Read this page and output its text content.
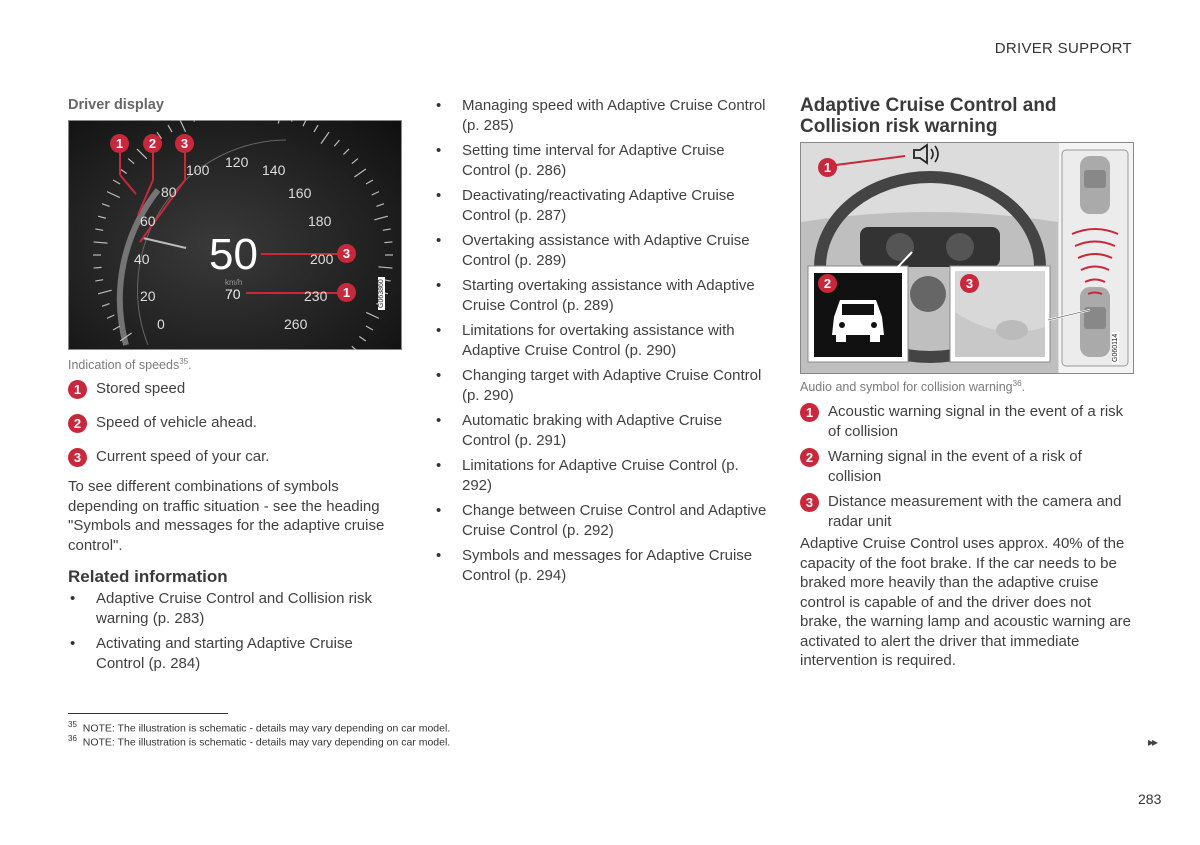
DRIVER SUPPORT
Driver display
0
20
40
60
80
100 120 140
160
180
200
230
260
50
km/h
70
1	2	3
3
1	G063860
Indication of speeds$^{35}$.
1 Stored speed
2 Speed of vehicle ahead.
3 Current speed of your car.
To see different combinations of symbols depending on traffic situation - see the heading "Symbols and messages for the adaptive cruise control".
Related information
• Adaptive Cruise Control and Collision risk warning (p. 283)
• Activating and starting Adaptive Cruise Control (p. 284)
• Managing speed with Adaptive Cruise Control (p. 285)
• Setting time interval for Adaptive Cruise Control (p. 286)
• Deactivating/reactivating Adaptive Cruise Control (p. 287)
• Overtaking assistance with Adaptive Cruise Control (p. 289)
• Starting overtaking assistance with Adaptive Cruise Control (p. 289)
• Limitations for overtaking assistance with Adaptive Cruise Control (p. 290)
• Changing target with Adaptive Cruise Control (p. 290)
• Automatic braking with Adaptive Cruise Control (p. 291)
• Limitations for Adaptive Cruise Control (p. 292)
• Change between Cruise Control and Adaptive Cruise Control (p. 292)
• Symbols and messages for Adaptive Cruise Control (p. 294)
Adaptive Cruise Control and
Collision risk warning
1
2	3
G060114
Audio and symbol for collision warning$^{36}$.
1 Acoustic warning signal in the event of a risk of collision
2 Warning signal in the event of a risk of collision
3 Distance measurement with the camera and radar unit
Adaptive Cruise Control uses approx. 40% of the capacity of the foot brake. If the car needs to be braked more heavily than the adaptive cruise control is capable of and the driver does not brake, the warning lamp and acoustic warning are activated to alert the driver that immediate intervention is required.
$^{35}$ NOTE: The illustration is schematic - details may vary depending on car model.
$^{36}$ NOTE: The illustration is schematic - details may vary depending on car model.	▸▸
283
